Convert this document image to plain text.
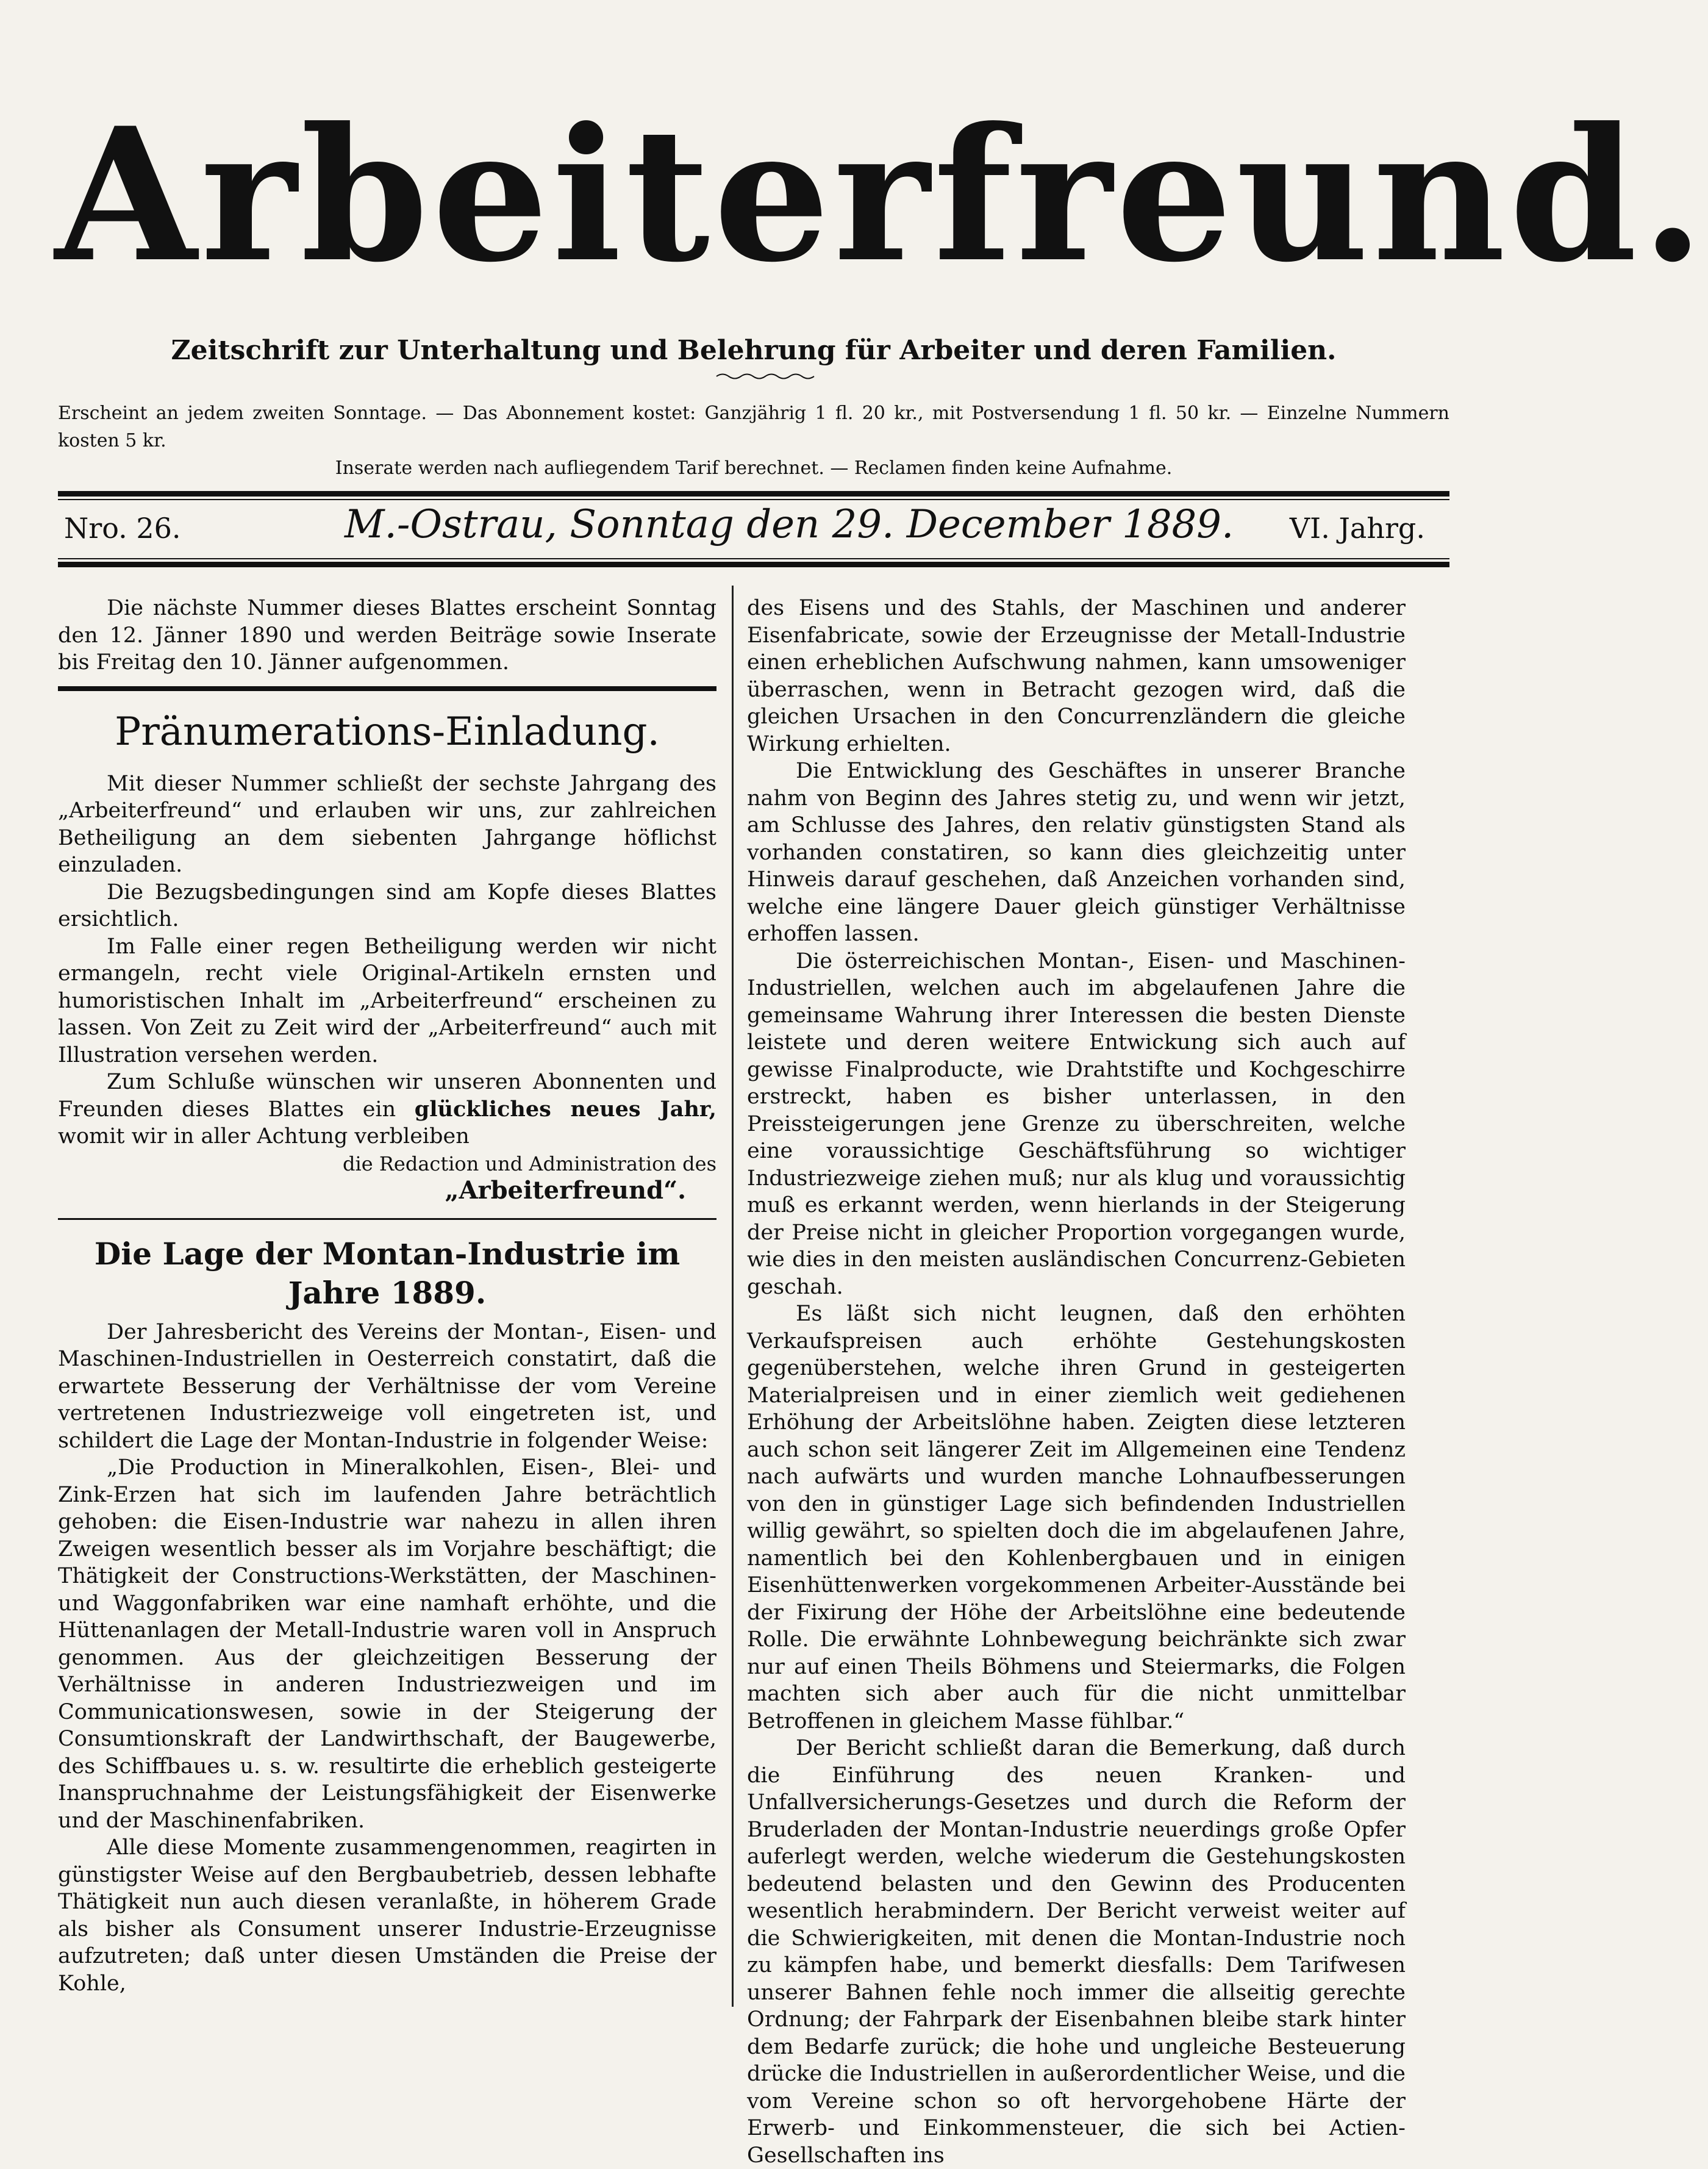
Arbeiterfreund.
Zeitschrift zur Unterhaltung und Belehrung für Arbeiter und deren Familien.

Erscheint an jedem zweiten Sonntage. — Das Abonnement kostet: Ganzjährig 1 fl. 20 kr., mit Postversendung 1 fl. 50 kr. — Einzelne Nummern kosten 5 kr.

Inserate werden nach aufliegendem Tarif berechnet. — Reclamen finden keine Aufnahme.

Nro. 26.	M.-Ostrau, Sonntag den 29. December 1889. VI. Jahrg.

Die nächste Nummer dieses Blattes erscheint Sonntag den 12. Jänner 1890 und werden Beiträge sowie Inserate bis Freitag den 10. Jänner aufgenommen.

Pränumerations-Einladung.

Mit dieser Nummer schließt der sechste Jahrgang des „Arbeiterfreund“ und erlauben wir uns, zur zahlreichen Betheiligung an dem siebenten Jahrgange höflichst einzuladen.

Die Bezugsbedingungen sind am Kopfe dieses Blattes ersichtlich.

Im Falle einer regen Betheiligung werden wir nicht ermangeln, recht viele Original-Artikeln ernsten und humoristischen Inhalt im „Arbeiterfreund“ erscheinen zu lassen. Von Zeit zu Zeit wird der „Arbeiterfreund“ auch mit Illustration versehen werden.

Zum Schluße wünschen wir unseren Abonnenten und Freunden dieses Blattes ein glückliches neues Jahr, womit wir in aller Achtung verbleiben

die Redaction und Administration des

„Arbeiterfreund“.

Die Lage der Montan-Industrie im Jahre 1889.

Der Jahresbericht des Vereins der Montan-, Eisen- und Maschinen-Industriellen in Oesterreich constatirt, daß die erwartete Besserung der Verhältnisse der vom Vereine vertretenen Industriezweige voll eingetreten ist, und schildert die Lage der Montan-Industrie in folgender Weise:

„Die Production in Mineralkohlen, Eisen-, Blei- und Zink-Erzen hat sich im laufenden Jahre beträchtlich gehoben: die Eisen-Industrie war nahezu in allen ihren Zweigen wesentlich besser als im Vorjahre beschäftigt; die Thätigkeit der Constructions-Werkstätten, der Maschinen- und Waggonfabriken war eine namhaft erhöhte, und die Hüttenanlagen der Metall-Industrie waren voll in Anspruch genommen. Aus der gleichzeitigen Besserung der Verhältnisse in anderen Industriezweigen und im Communicationswesen, sowie in der Steigerung der Consumtionskraft der Landwirthschaft, der Baugewerbe, des Schiffbaues u. s. w. resultirte die erheblich gesteigerte Inanspruchnahme der Leistungsfähigkeit der Eisenwerke und der Maschinenfabriken.

Alle diese Momente zusammengenommen, reagirten in günstigster Weise auf den Bergbaubetrieb, dessen lebhafte Thätigkeit nun auch diesen veranlaßte, in höherem Grade als bisher als Consument unserer Industrie-Erzeugnisse aufzutreten; daß unter diesen Umständen die Preise der Kohle,

des Eisens und des Stahls, der Maschinen und anderer Eisenfabricate, sowie der Erzeugnisse der Metall-Industrie einen erheblichen Aufschwung nahmen, kann umsoweniger überraschen, wenn in Betracht gezogen wird, daß die gleichen Ursachen in den Concurrenzländern die gleiche Wirkung erhielten.

Die Entwicklung des Geschäftes in unserer Branche nahm von Beginn des Jahres stetig zu, und wenn wir jetzt, am Schlusse des Jahres, den relativ günstigsten Stand als vorhanden constatiren, so kann dies gleichzeitig unter Hinweis darauf geschehen, daß Anzeichen vorhanden sind, welche eine längere Dauer gleich günstiger Verhältnisse erhoffen lassen.

Die österreichischen Montan-, Eisen- und Maschinen-Industriellen, welchen auch im abgelaufenen Jahre die gemeinsame Wahrung ihrer Interessen die besten Dienste leistete und deren weitere Entwickung sich auch auf gewisse Finalproducte, wie Drahtstifte und Kochgeschirre erstreckt, haben es bisher unterlassen, in den Preissteigerungen jene Grenze zu überschreiten, welche eine voraussichtige Geschäftsführung so wichtiger Industriezweige ziehen muß; nur als klug und voraussichtig muß es erkannt werden, wenn hierlands in der Steigerung der Preise nicht in gleicher Proportion vorgegangen wurde, wie dies in den meisten ausländischen Concurrenz-Gebieten geschah.

Es läßt sich nicht leugnen, daß den erhöhten Verkaufspreisen auch erhöhte Gestehungskosten gegenüberstehen, welche ihren Grund in gesteigerten Materialpreisen und in einer ziemlich weit gediehenen Erhöhung der Arbeitslöhne haben. Zeigten diese letzteren auch schon seit längerer Zeit im Allgemeinen eine Tendenz nach aufwärts und wurden manche Lohnaufbesserungen von den in günstiger Lage sich befindenden Industriellen willig gewährt, so spielten doch die im abgelaufenen Jahre, namentlich bei den Kohlenbergbauen und in einigen Eisenhüttenwerken vorgekommenen Arbeiter-Ausstände bei der Fixirung der Höhe der Arbeitslöhne eine bedeutende Rolle. Die erwähnte Lohnbewegung beichränkte sich zwar nur auf einen Theils Böhmens und Steiermarks, die Folgen machten sich aber auch für die nicht unmittelbar Betroffenen in gleichem Masse fühlbar.“

Der Bericht schließt daran die Bemerkung, daß durch die Einführung des neuen Kranken- und Unfallversicherungs-Gesetzes und durch die Reform der Bruderladen der Montan-Industrie neuerdings große Opfer auferlegt werden, welche wiederum die Gestehungskosten bedeutend belasten und den Gewinn des Producenten wesentlich herabmindern. Der Bericht verweist weiter auf die Schwierigkeiten, mit denen die Montan-Industrie noch zu kämpfen habe, und bemerkt diesfalls: Dem Tarifwesen unserer Bahnen fehle noch immer die allseitig gerechte Ordnung; der Fahrpark der Eisenbahnen bleibe stark hinter dem Bedarfe zurück; die hohe und ungleiche Besteuerung drücke die Industriellen in außerordentlicher Weise, und die vom Vereine schon so oft hervorgehobene Härte der Erwerb- und Einkommensteuer, die sich bei Actien-Gesellschaften ins
